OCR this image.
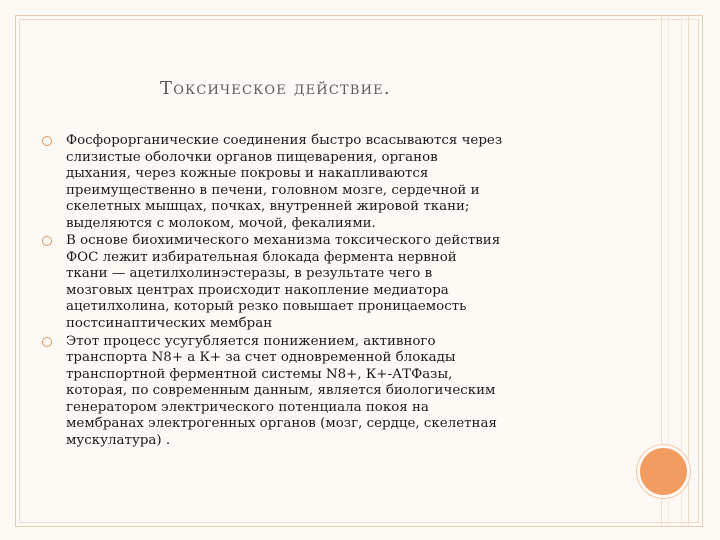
Токсическое действие.
Фосфорорганические соединения быстро всасываются через
слизистые оболочки органов пищеварения, органов
дыхания, через кожные покровы и накапливаются
преимущественно в печени, головном мозге, сердечной и
скелетных мышцах, почках, внутренней жировой ткани;
выделяются с молоком, мочой, фекалиями.
В основе биохимического механизма токсического действия
ФОС лежит избирательная блокада фермента нервной
ткани — ацетилхолинэстеразы, в результате чего в
мозговых центрах происходит накопление медиатора
ацетилхолина, который резко повышает проницаемость
постсинаптических мембран
Этот процесс усугубляется понижением, активного
транспорта N8+ а К+ за счет одновременной блокады
транспортной ферментной системы N8+, К+-АТФазы,
которая, по современным данным, является биологическим
генератором электрического потенциала покоя на
мембранах электрогенных органов (мозг, сердце, скелетная
мускулатура) .
